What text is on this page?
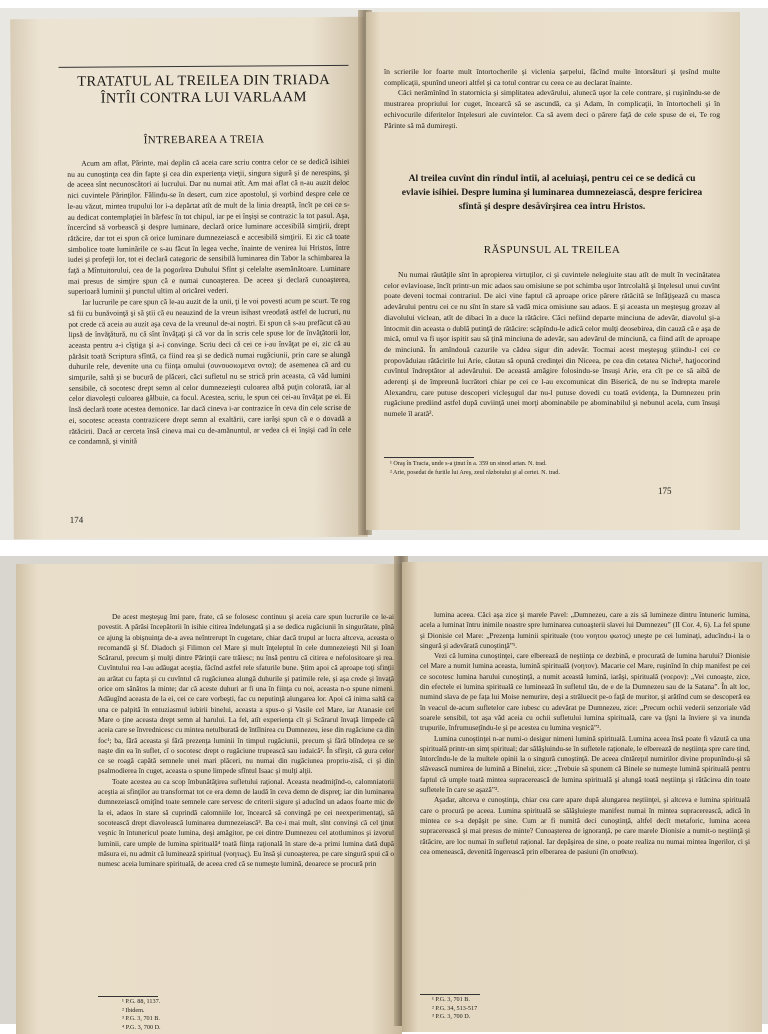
TRATATUL AL TREILEA DIN TRIADA ÎNTÎI CONTRA LUI VARLAAM
ÎNTREBAREA A TREIA

Acum am aflat, Părinte, mai deplin că aceia care scriu contra celor ce se dedică isihiei nu au cunoştinţa cea din fapte şi cea din experienţa vieţii, singura sigură şi de nerespins, şi de aceea sînt necunoscători ai lucrului. Dar nu numai atît. Am mai aflat că n-au auzit deloc nici cuvintele Părinţilor. Fălindu-se în desert, cum zice apostolul, şi vorbind despre cele ce le-au văzut, mintea trupului lor i-a depărtat atît de mult de la linia dreaptă, încît pe cei ce s-au dedicat contemplaţiei în bărfesc în tot chipul, iar pe ei înşişi se contrazic la tot pasul. Aşa, încercînd să vorbească şi despre luminare, declară orice luminare accesibilă simţirii, drept rătăcire, dar tot ei spun că orice luminare dumnezeiască e accesibilă simţirii. Ei zic că toate simbolice toate luminările ce s-au făcut în legea veche, înainte de venirea lui Hristos, între iudei şi profeţii lor, tot ei declară categoric de sensibilă luminarea din Tabor la schimbarea la faţă a Mîntuitorului, cea de la pogorîrea Duhului Sfînt şi celelalte asemănătoare. Luminare mai presus de simţire spun că e numai cunoaşterea. De aceea şi declară cunoaşterea, superioară luminii şi punctul ultim al oricărei vederi.

Iar lucrurile pe care spun că le-au auzit de la unii, ţi le voi povesti acum pe scurt. Te rog să fii cu bunăvoinţă şi să ştii că eu neauzind de la vreun isihast vreodată astfel de lucruri, nu pot crede că aceia au auzit aşa ceva de la vreunul de-ai noştri. Ei spun că s-au prefăcut că au lipsă de învăţătură, nu că sînt învăţaţi şi că vor da în scris cele spuse lor de învăţătorii lor, aceasta pentru a-i cîştiga şi a-i convinge. Scriu deci că cei ce i-au învăţat pe ei, zic că au părăsit toată Scriptura sfîntă, ca fiind rea şi se dedică numai rugăciunii, prin care se alungă duhurile rele, devenite una cu fiinţa omului (συνουσιωμενα οντα); de asemenea că ard cu simţurile, saltă şi se bucură de plăceri, căci sufletul nu se strică prin aceasta, că văd lumini sensibile, că socotesc drept semn al celor dumnezeieşti culoarea albă puţin colorată, iar al celor diavoleşti culoarea gălbuie, ca focul. Acestea, scriu, le spun cei cei-au învăţat pe ei. Ei însă declară toate acestea demonice. Iar dacă cineva i-ar contrazice în ceva din cele scrise de ei, socotesc aceasta contrazicere drept semn al exaltării, care iarăşi spun că e o dovadă a rătăcirii. Dacă ar cerceta însă cineva mai cu de-amănuntul, ar vedea că ei înşişi cad în cele ce condamnă, şi vinită

174

în scrierile lor foarte mult întortocherile şi viclenia şarpelui, făcînd multe întorsături şi ţesînd multe complicaţii, spunînd uneori altfel şi ca totul contrar cu ceea ce au declarat înainte.

Căci nerămînînd în statornicia şi simplitatea adevărului, alunecă uşor la cele contrare, şi ruşinîndu-se de mustrarea propriului lor cuget, încearcă să se ascundă, ca şi Adam, în complicaţii, în întortocheli şi în echivocurile diferitelor înţelesuri ale cuvintelor. Ca să avem deci o părere faţă de cele spuse de ei, Te rog Părinte să mă dumireşti.

Al treilea cuvînt din rîndul întîi, al aceluiaşi, pentru cei ce se dedică cu evlavie isihiei. Despre lumina şi luminarea dumnezeiască, despre fericirea sfîntă şi despre desăvîrşirea cea întru Hristos.
RĂSPUNSUL AL TREILEA

Nu numai răutăţile sînt în apropierea virtuţilor, ci şi cuvintele nelegiuite stau atît de mult în vecinătatea celor evlavioase, încît printr-un mic adaos sau omisiune se pot schimba uşor întrcolaltă şi înţelesul unui cuvînt poate deveni tocmai contrariul. De aici vine faptul că aproape orice părere rătăcită se înfăţişează cu masca adevărului pentru cei ce nu sînt în stare să vadă mica omisiune sau adaos. E şi aceasta un meşteşug grozav al diavolului viclean, atît de dibaci în a duce la rătăcire. Căci nefiind departe minciuna de adevăr, diavolul şi-a întocmit din aceasta o dublă putinţă de rătăcire: scăpîndu-le adică celor mulţi deosebirea, din cauză că e aşa de mică, omul va fi uşor ispitit sau să ţină minciuna de adevăr, sau adevărul de minciună, ca fiind atît de aproape de minciună. În amîndouă cazurile va cădea sigur din adevăr. Tocmai acest meşteşug ştiindu-l cei ce propovăduiau rătăcirile lui Arie, căutau să opună credinţei din Niceea, pe cea din cetatea Niche¹, haţjocorind cuvîntul îndreptător al adevărului. De această amăgire folosindu-se însuşi Arie, era cît pe ce să aibă de aderenţi şi de împreună lucrători chiar pe cei ce l-au excomunicat din Biserică, de nu se îndrepta marele Alexandru, care putuse descoperi vicleşugul dar nu-l putuse dovedi cu toată evidenţa, la Dumnezeu prin rugăciune prediind astfel după cuviinţă unei morţi abominabile pe abominabilul şi nebunul acela, cum însuşi numele îl arată².

¹ Oraş în Tracia, unde s-a ţinut în a. 359 un sinod arian. N. trad.

² Arie, posedat de furiile lui Areş, zeul războiului şi al certei. N. trad.

175

De acest meşteşug îmi pare, frate, că se folosesc continuu şi aceia care spun lucrurile ce le-ai povestit. A părăsi începătorii în isihie citirea îndelungată şi a se dedica rugăciunii în singurătate, pînă ce ajung la obişnuinţa de-a avea neîntrerupt în cugetare, chiar dacă trupul ar lucra altceva, aceasta o recomandă şi Sf. Diadoch şi Filimon cel Mare şi mult înţeleptul în cele dumnezeieşti Nil şi Ioan Scărarul, precum şi mulţi dintre Părinţii care trăiesc; nu însă pentru că citirea e nefolositoare şi rea. Cuvîntului rea l-au adăugat aceştia, făcînd astfel rele sfaturile bune. Ştim apoi că aproape toţi sfinţii au arătat cu fapta şi cu cuvîntul că rugăciunea alungă duhurile şi patimile rele, şi aşa crede şi învaţă orice om sănătos la minte; dar că aceste duhuri ar fi una în fiinţa cu noi, aceasta n-o spune nimeni. Adăugînd aceasta de la ei, cei ce care vorbeşti, fac cu neputinţă alungarea lor. Apoi că inima saltă ca una ce palpită în entuziasmul iubirii binelui, aceasta a spus-o şi Vasile cel Mare, iar Atanasie cel Mare o ţine aceasta drept semn al harului. La fel, atît experienţa cît şi Scărarul învaţă limpede că aceia care se învrednicesc cu mintea netulburată de întîlnirea cu Dumnezeu, iese din rugăciune ca din foc¹; ba, fără aceasta şi fără prezenţa luminii în timpul rugăciunii, precum şi fără blîndeţea ce se naşte din ea în suflet, cî o socotesc drept o rugăciune trupească sau iudaică². În sfîrşit, că gura celor ce se roagă capătă semnele unei mari plăceri, nu numai din rugăciunea propriu-zisă, ci şi din psalmodierea în cuget, aceasta o spune limpede sfîntul Isaac şi mulţi alţii.

Toate acestea au ca scop îmbunătăţirea sufletului raţional. Aceasta neadmiţînd-o, calomniatorii aceştia ai sfinţilor au transformat tot ce era demn de laudă în ceva demn de dispreţ; iar din luminarea dumnezeiască omiţînd toate semnele care servesc de criterii sigure şi aducînd un adaos foarte mic de la ei, adaos în stare să cuprindă calomniile lor, încearcă să convingă pe cei neexperimentaţi, să socotească drept diavolească luminarea dumnezeiască³. Ba ce-i mai mult, sînt convinşi că cel ţinut veşnic în întunericul poate lumina, deşi amăgitor, pe cei dintre Dumnezeu cel atotluminos şi izvorul luminii, care umple de lumina spirituală⁴ toată fiinţa raţională în stare de-a primi lumina dată după măsura ei, nu admit că luminează spiritual (νοητως). Eu însă şi cunoaşterea, pe care singură spui că o numesc aceia luminare spirituală, de aceea cred că se numeşte lumină, deoarece se procură prin

¹ P.G. 88, 1137.

² Ibidem.

³ P.G. 3, 701 B.

⁴ P.G. 3, 700 D.

lumina aceea. Căci aşa zice şi marele Pavel: „Dumnezeu, care a zis să lumineze dintru întuneric lumina, acela a luminat întru inimile noastre spre luminarea cunoaşterii slavei lui Dumnezeu” (II Cor. 4, 6). La fel spune şi Dionisie cel Mare: „Prezenţa luminii spirituale (του νοητου φωτος) uneşte pe cei luminaţi, aducîndu-i la o singură şi adevărată cunoştinţă”¹.

Vezi că lumina cunoştinţei, care elberează de neştiinţa ce dezbină, e procurată de lumina harului? Dionisie cel Mare a numit lumina aceasta, lumină spirituală (νοητον). Macarie cel Mare, ruşinînd în chip manifest pe cei ce socotesc lumina harului cunoştinţă, a numit această lumină, iarăşi, spirituală (νοερον): „Vei cunoaşte, zice, din efectele ei lumina spirituală ce luminează în sufletul tău, de e de la Dumnezeu sau de la Satana”. În alt loc, numind slava de pe faţa lui Moise nemurire, deşi a străluecit pe-o faţă de muritor, şi arătînd cum se descoperă ea în veacul de-acum sufletelor care iubesc cu adevărat pe Dumnezeu, zice: „Precum ochii vederii senzoriale văd soarele sensibil, tot aşa văd aceia cu ochii sufletului lumina spirituală, care va ţîşni la înviere şi va inunda trupurile, înfrumuseţîndu-le şi pe acestea cu lumina veşnică”².

Lumina cunoştinţei n-ar numi-o desigur nimeni lumină spirituală. Lumina aceea însă poate fi văzută ca una spirituală printr-un simţ spiritual; dar sălăşluindu-se în sufletele raţionale, le elberează de neştiinţa spre care tind, întorcîndu-le de la multele opinii la o singură cunoştinţă. De aceea cîntăreţul numirilor divine propunîndu-şi să slăvească numirea de lumină a Binelui, zice: „Trebuie să spunem că Binele se numeşte lumină spirituală pentru faptul că umple toată mintea supracerească de lumina spirituală şi alungă toată neştiinţa şi rătăcirea din toate sufletele în care se aşază”³.

Aşadar, altceva e cunoştinţa, chiar cea care apare după alungarea neştiinţei, şi altceva e lumina spirituală care o procură pe aceea. Lumina spirituală se sălăşluieşte manifest numai în mintea supracerească, adică în mintea ce s-a depăşit pe sine. Cum ar fi numită deci cunoştinţă, altfel decît metaforic, lumina aceea supracerească şi mai presus de minte? Cunoaşterea de ignoranţă, pe care marele Dionisie a numit-o neştiinţă şi rătăcire, are loc numai în sufletul raţional. Iar depăşirea de sine, o poate realiza nu numai mintea îngerilor, ci şi cea omenească, devenită îngerească prin elberarea de pasiuni (în απαθεια).

¹ P.G. 3, 701 B.

² P.G. 34, 513-517

³ P.G. 3, 700 D.
